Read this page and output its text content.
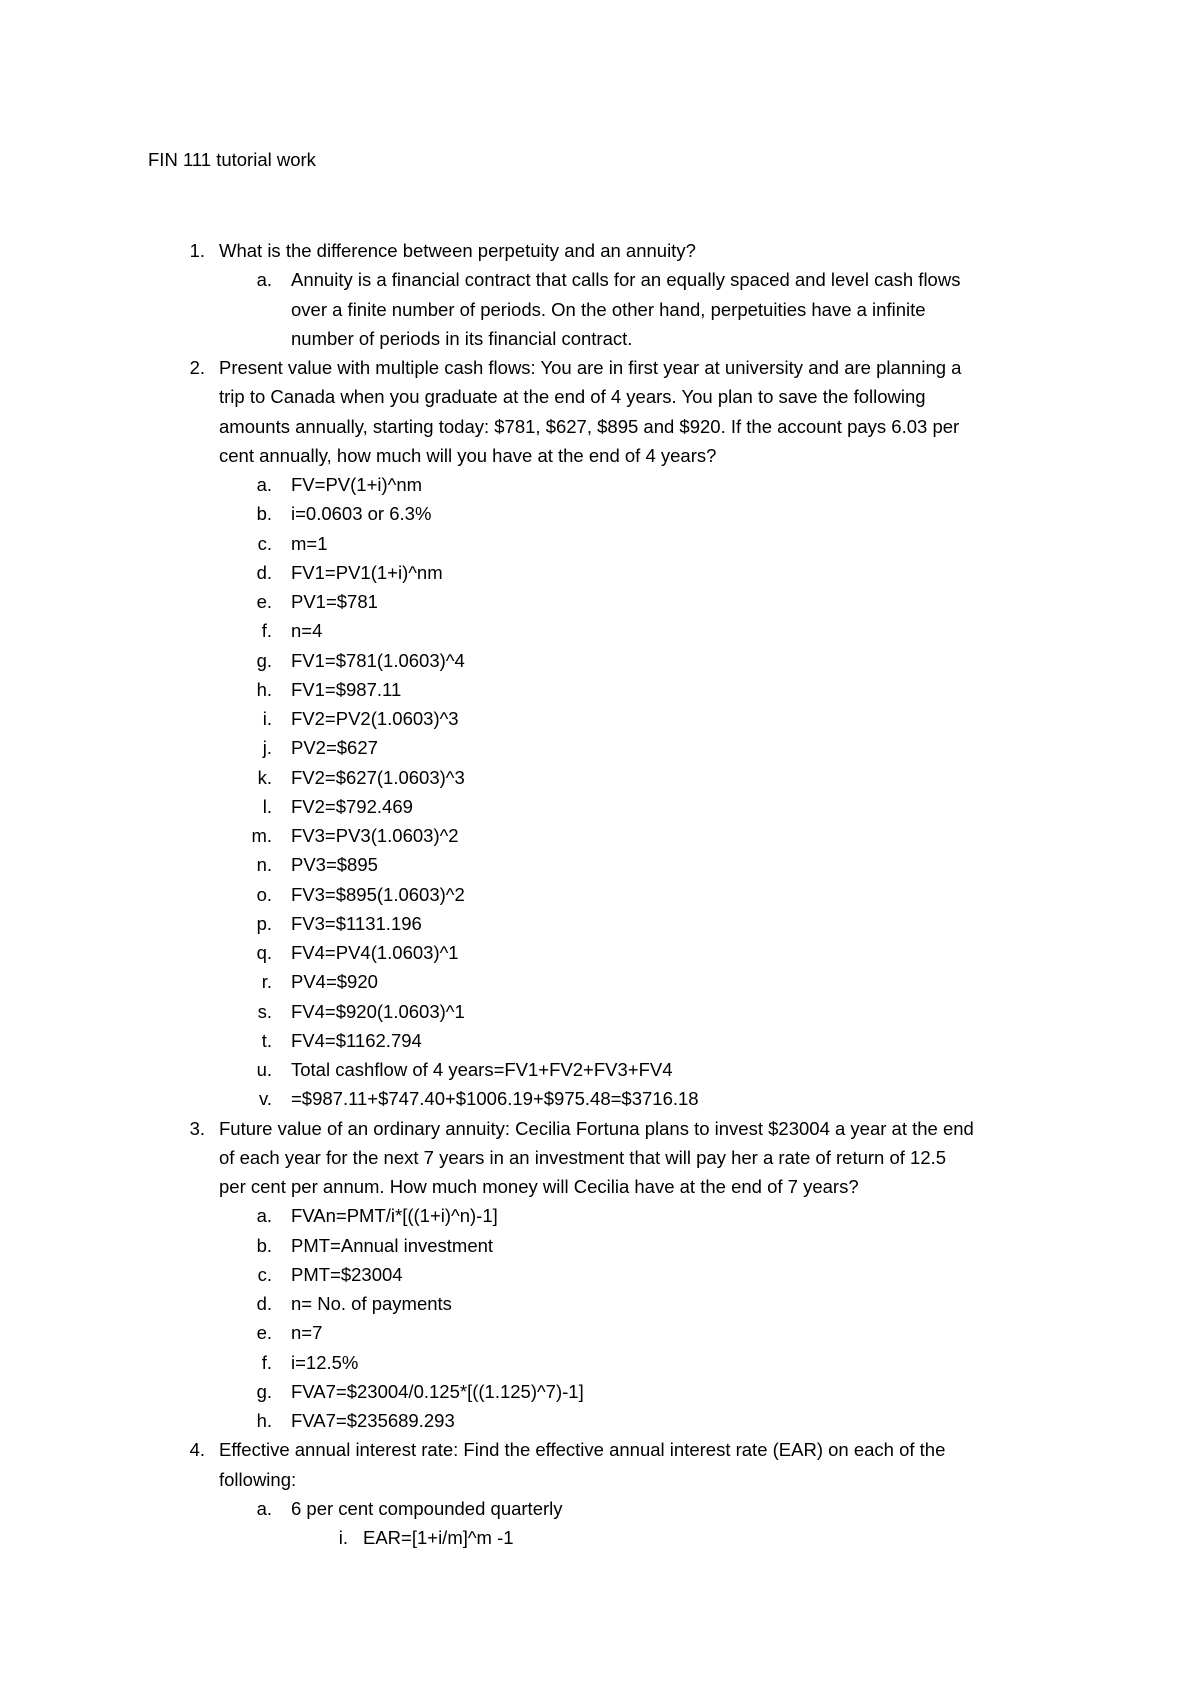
FIN 111 tutorial work
1. What is the difference between perpetuity and an annuity?
a. Annuity is a financial contract that calls for an equally spaced and level cash flows
over a finite number of periods. On the other hand, perpetuities have a infinite
number of periods in its financial contract.
2. Present value with multiple cash flows: You are in first year at university and are planning a
trip to Canada when you graduate at the end of 4 years. You plan to save the following
amounts annually, starting today: $781, $627, $895 and $920. If the account pays 6.03 per
cent annually, how much will you have at the end of 4 years?
a. FV=PV(1+i)^nm
b. i=0.0603 or 6.3%
c. m=1
d. FV1=PV1(1+i)^nm
e. PV1=$781
f. n=4
g. FV1=$781(1.0603)^4
h. FV1=$987.11
i. FV2=PV2(1.0603)^3
j. PV2=$627
k. FV2=$627(1.0603)^3
l. FV2=$792.469
m. FV3=PV3(1.0603)^2
n. PV3=$895
o. FV3=$895(1.0603)^2
p. FV3=$1131.196
q. FV4=PV4(1.0603)^1
r. PV4=$920
s. FV4=$920(1.0603)^1
t. FV4=$1162.794
u. Total cashflow of 4 years=FV1+FV2+FV3+FV4
v. =$987.11+$747.40+$1006.19+$975.48=$3716.18
3. Future value of an ordinary annuity: Cecilia Fortuna plans to invest $23004 a year at the end
of each year for the next 7 years in an investment that will pay her a rate of return of 12.5
per cent per annum. How much money will Cecilia have at the end of 7 years?
a. FVAn=PMT/i*[((1+i)^n)-1]
b. PMT=Annual investment
c. PMT=$23004
d. n= No. of payments
e. n=7
f. i=12.5%
g. FVA7=$23004/0.125*[((1.125)^7)-1]
h. FVA7=$235689.293
4. Effective annual interest rate: Find the effective annual interest rate (EAR) on each of the
following:
a. 6 per cent compounded quarterly
i. EAR=[1+i/m]^m -1
